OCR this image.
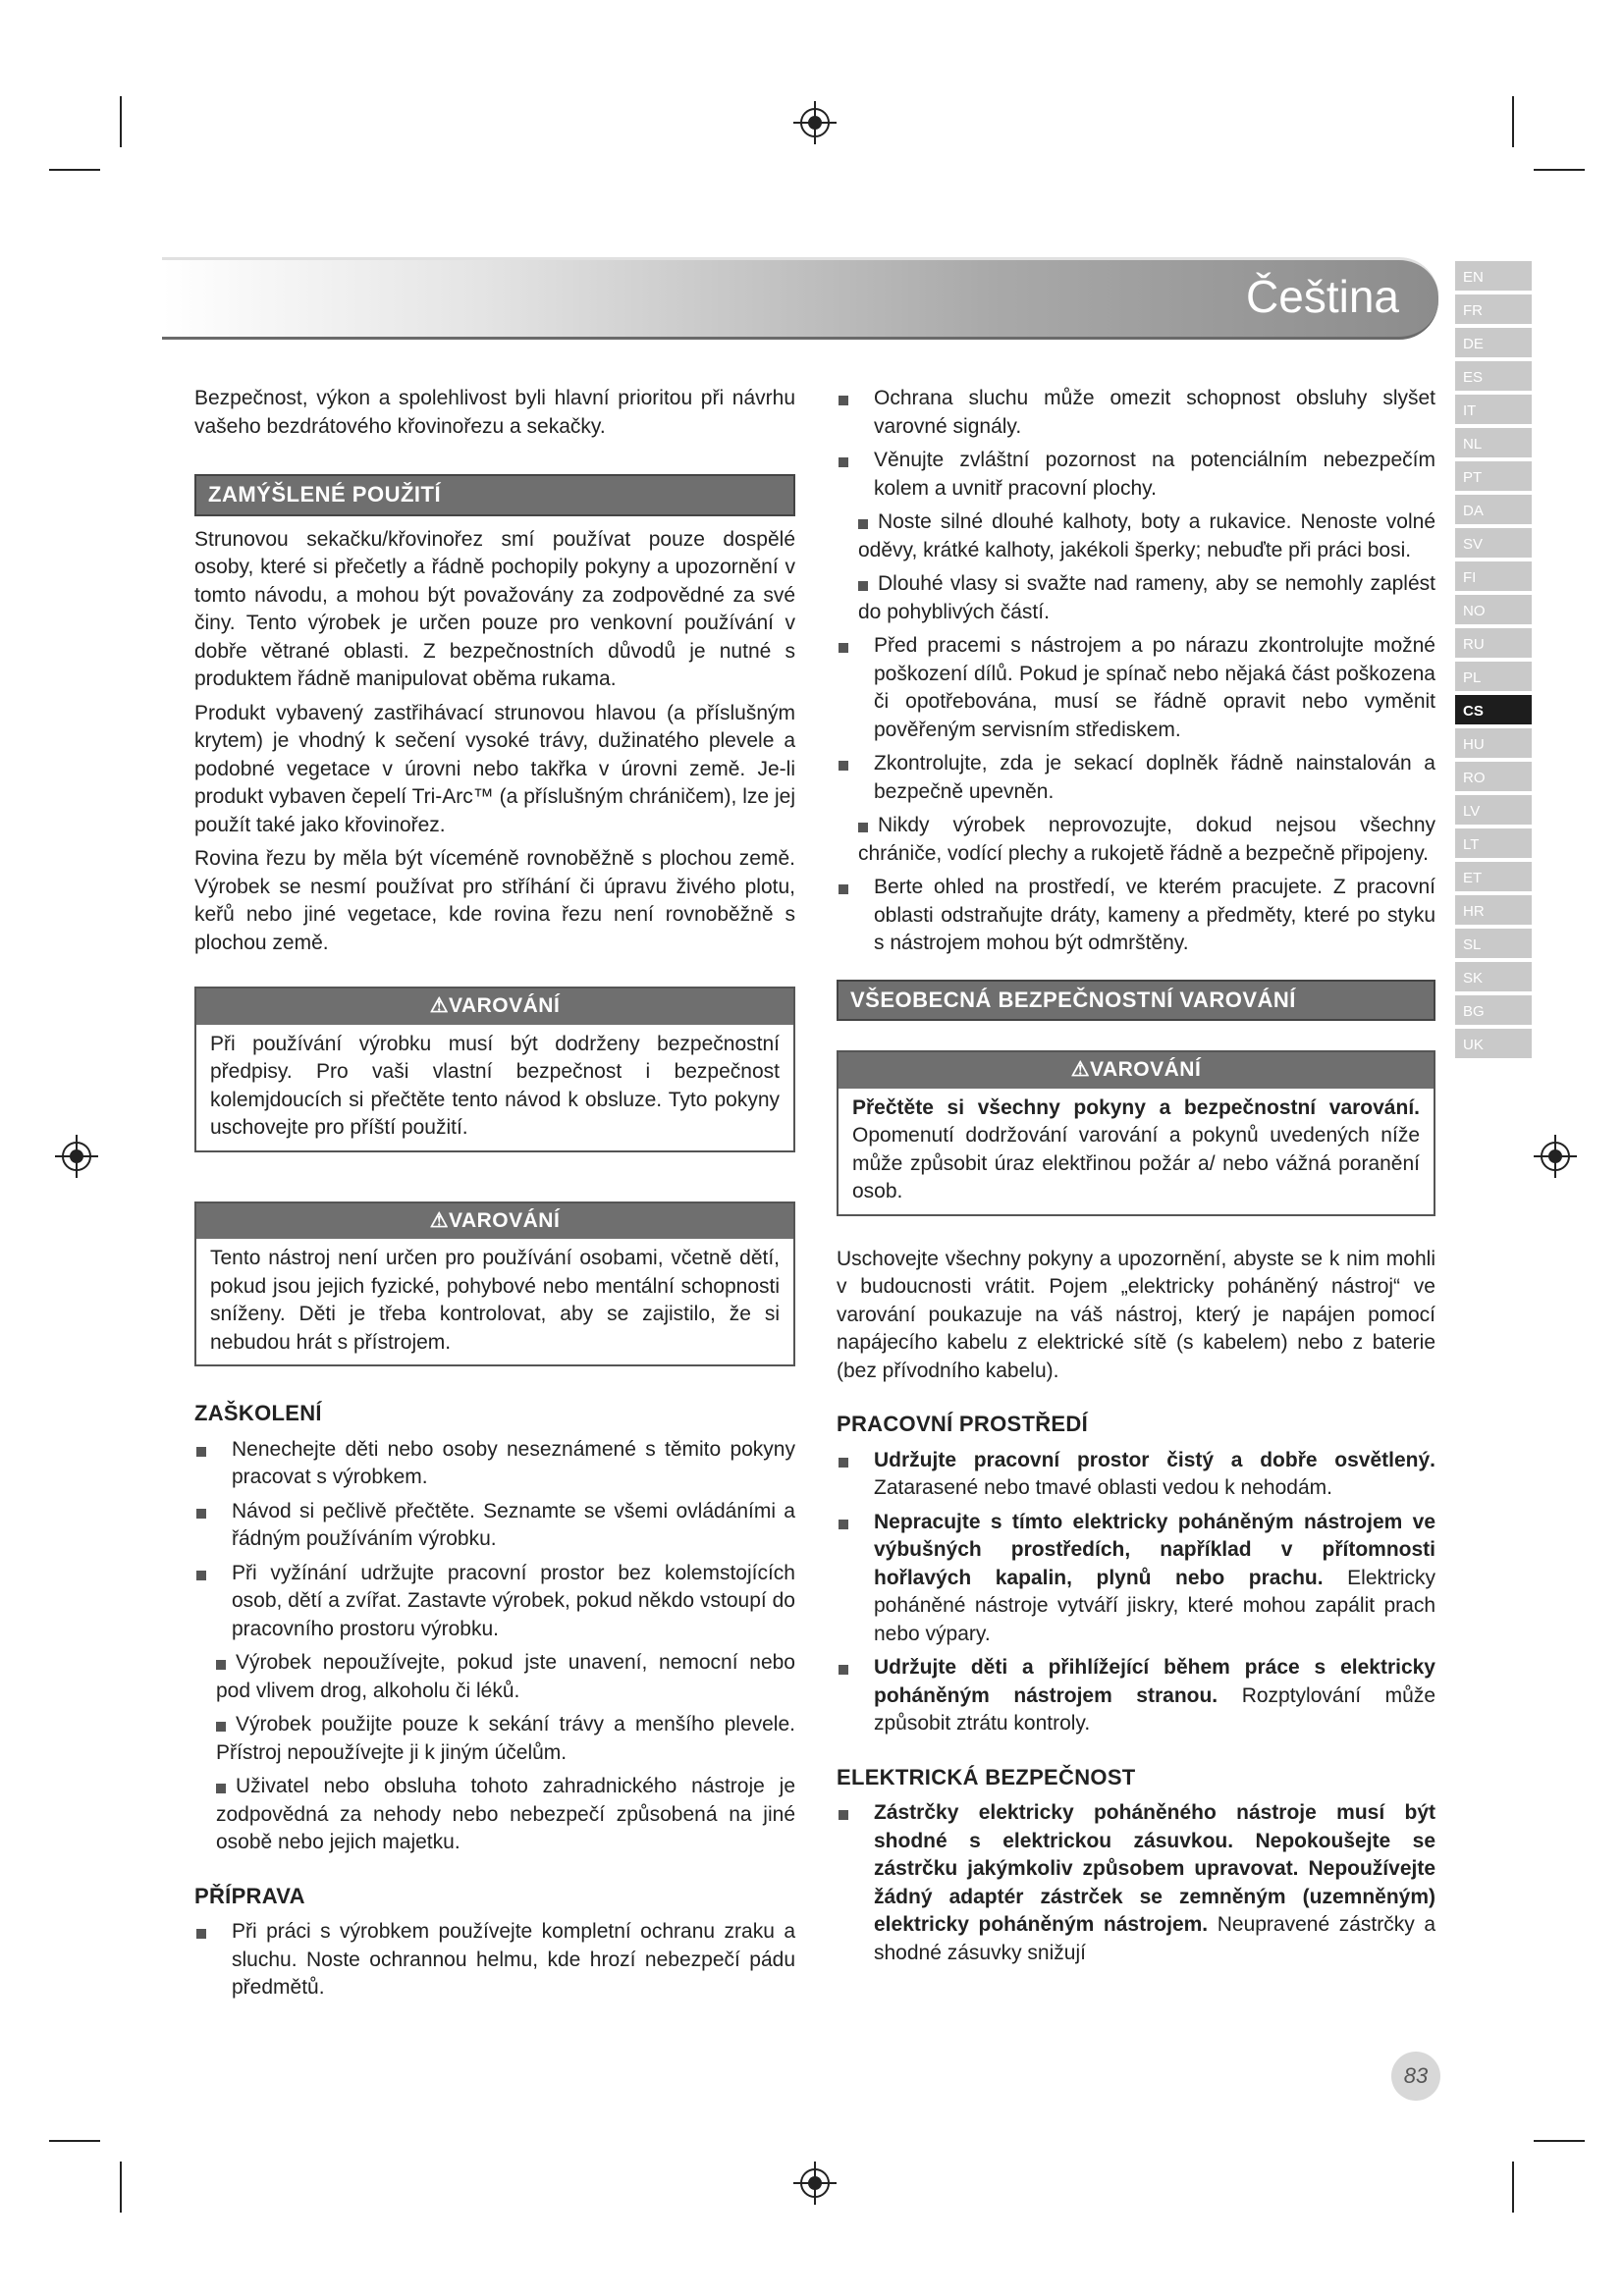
Čeština	EN
FR
DE
ES
IT
NL
PT
DA
SV
FI
NO
RU
PL
CS
HU
RO
LV
LT
ET
HR
SL
SK
BG
UK

Bezpečnost, výkon a spolehlivost byli hlavní prioritou při návrhu vašeho bezdrátového křovinořezu a sekačky.

ZAMÝŠLENÉ POUŽITÍ

Strunovou sekačku/křovinořez smí používat pouze dospělé osoby, které si přečetly a řádně pochopily pokyny a upozornění v tomto návodu, a mohou být považovány za zodpovědné za své činy. Tento výrobek je určen pouze pro venkovní používání v dobře větrané oblasti. Z bezpečnostních důvodů je nutné s produktem řádně manipulovat oběma rukama.

Produkt vybavený zastřihávací strunovou hlavou (a příslušným krytem) je vhodný k sečení vysoké trávy, dužinatého plevele a podobné vegetace v úrovni nebo takřka v úrovni země. Je-li produkt vybaven čepelí Tri-Arc™ (a příslušným chráničem), lze jej použít také jako křovinořez.

Rovina řezu by měla být víceméně rovnoběžně s plochou země. Výrobek se nesmí používat pro stříhání či úpravu živého plotu, keřů nebo jiné vegetace, kde rovina řezu není rovnoběžně s plochou země.

⚠VAROVÁNÍ
Při používání výrobku musí být dodrženy bezpečnostní předpisy. Pro vaši vlastní bezpečnost i bezpečnost kolemjdoucích si přečtěte tento návod k obsluze. Tyto pokyny uschovejte pro příští použití.
⚠VAROVÁNÍ
Tento nástroj není určen pro používání osobami, včetně dětí, pokud jsou jejich fyzické, pohybové nebo mentální schopnosti sníženy. Děti je třeba kontrolovat, aby se zajistilo, že si nebudou hrát s přístrojem.
ZAŠKOLENÍ
Nenechejte děti nebo osoby neseznámené s těmito pokyny pracovat s výrobkem.
Návod si pečlivě přečtěte. Seznamte se všemi ovládáními a řádným používáním výrobku.
Při vyžínání udržujte pracovní prostor bez kolemstojících osob, dětí a zvířat. Zastavte výrobek, pokud někdo vstoupí do pracovního prostoru výrobku.
Výrobek nepoužívejte, pokud jste unavení, nemocní nebo pod vlivem drog, alkoholu či léků.
Výrobek použijte pouze k sekání trávy a menšího plevele. Přístroj nepoužívejte ji k jiným účelům.
Uživatel nebo obsluha tohoto zahradnického nástroje je zodpovědná za nehody nebo nebezpečí způsobená na jiné osobě nebo jejich majetku.
PŘÍPRAVA
Při práci s výrobkem používejte kompletní ochranu zraku a sluchu. Noste ochrannou helmu, kde hrozí nebezpečí pádu předmětů.
Ochrana sluchu může omezit schopnost obsluhy slyšet varovné signály.
Věnujte zvláštní pozornost na potenciálním nebezpečím kolem a uvnitř pracovní plochy.
Noste silné dlouhé kalhoty, boty a rukavice. Nenoste volné oděvy, krátké kalhoty, jakékoli šperky; nebuďte při práci bosi.
Dlouhé vlasy si svažte nad rameny, aby se nemohly zaplést do pohyblivých částí.
Před pracemi s nástrojem a po nárazu zkontrolujte možné poškození dílů. Pokud je spínač nebo nějaká část poškozena či opotřebována, musí se řádně opravit nebo vyměnit pověřeným servisním střediskem.
Zkontrolujte, zda je sekací doplněk řádně nainstalován a bezpečně upevněn.
Nikdy výrobek neprovozujte, dokud nejsou všechny chrániče, vodící plechy a rukojetě řádně a bezpečně připojeny.
Berte ohled na prostředí, ve kterém pracujete. Z pracovní oblasti odstraňujte dráty, kameny a předměty, které po styku s nástrojem mohou být odmrštěny.
VŠEOBECNÁ BEZPEČNOSTNÍ VAROVÁNÍ
⚠VAROVÁNÍ
Přečtěte si všechny pokyny a bezpečnostní varování. Opomenutí dodržování varování a pokynů uvedených níže může způsobit úraz elektřinou požár a/ nebo vážná poranění osob.

Uschovejte všechny pokyny a upozornění, abyste se k nim mohli v budoucnosti vrátit. Pojem „elektricky poháněný nástroj“ ve varování poukazuje na váš nástroj, který je napájen pomocí napájecího kabelu z elektrické sítě (s kabelem) nebo z baterie (bez přívodního kabelu).

PRACOVNÍ PROSTŘEDÍ
Udržujte pracovní prostor čistý a dobře osvětlený. Zatarasené nebo tmavé oblasti vedou k nehodám.
Nepracujte s tímto elektricky poháněným nástrojem ve výbušných prostředích, například v přítomnosti hořlavých kapalin, plynů nebo prachu. Elektricky poháněné nástroje vytváří jiskry, které mohou zapálit prach nebo výpary.
Udržujte děti a přihlížející během práce s elektricky poháněným nástrojem stranou. Rozptylování může způsobit ztrátu kontroly.
ELEKTRICKÁ BEZPEČNOST
Zástrčky elektricky poháněného nástroje musí být shodné s elektrickou zásuvkou. Nepokoušejte se zástrčku jakýmkoliv způsobem upravovat. Nepoužívejte žádný adaptér zástrček se zemněným (uzemněným) elektricky poháněným nástrojem. Neupravené zástrčky a shodné zásuvky snižují
83
